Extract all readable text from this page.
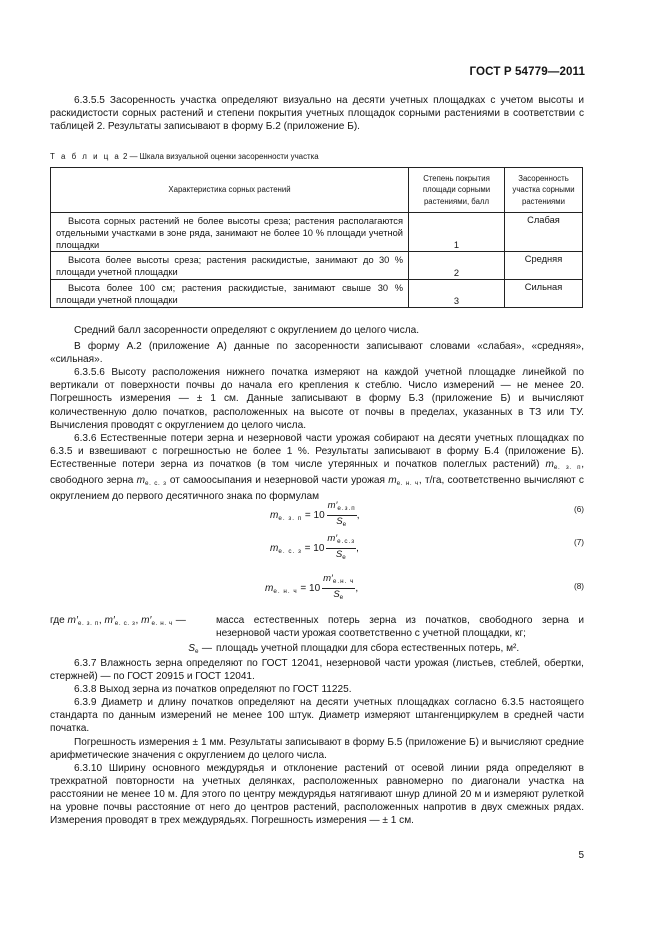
ГОСТ Р 54779—2011

6.3.5.5 Засоренность участка определяют визуально на десяти учетных площадках с учетом высоты и раскидистости сорных растений и степени покрытия учетных площадок сорными растениями в соответствии с таблицей 2. Результаты записывают в форму Б.2 (приложение Б).

Т а б л и ц а 2 — Шкала визуальной оценки засоренности участка
Характеристика сорных растений	Степень покрытия площади сорными растениями, балл	Засоренность участка сорными растениями
Высота сорных растений не более высоты среза; растения располагаются отдельными участками в зоне ряда, занимают не более 10 % площади учетной площадки	1	Слабая
Высота более высоты среза; растения раскидистые, занимают до 30 % площади учетной площадки	2	Средняя
Высота более 100 см; растения раскидистые, занимают свыше 30 % площади учетной площадки	3	Сильная

Средний балл засоренности определяют с округлением до целого числа.

В форму А.2 (приложение А) данные по засоренности записывают словами «слабая», «средняя», «сильная».

6.3.5.6 Высоту расположения нижнего початка измеряют на каждой учетной площадке линейкой по вертикали от поверхности почвы до начала его крепления к стеблю. Число измерений — не менее 20. Погрешность измерения — ± 1 см. Данные записывают в форму Б.3 (приложение Б) и вычисляют количественную долю початков, расположенных на высоте от почвы в пределах, указанных в ТЗ или ТУ. Вычисления проводят с округлением до целого числа.

6.3.6 Естественные потери зерна и незерновой части урожая собирают на десяти учетных площадках по 6.3.5 и взвешивают с погрешностью не более 1 %. Результаты записывают в форму Б.4 (приложение Б). Естественные потери зерна из початков (в том числе утерянных и початков полеглых растений) mе. з. п, свободного зерна mе. с. з от самоосыпания и незерновой части урожая mе. н. ч, т/га, соответственно вычисляют с округлением до первого десятичного знака по формулам

$m_{е. з. п} = 10 \frac{m'_{е.з.п}}{S_е}$ ,
(6)
$m_{е. с. з} = 10 \frac{m'_{е.с.з}}{S_е}$ ,
(7)
$m_{е. н. ч} = 10 \frac{m'_{е.н. ч}}{S_е}$ ,	(8)
где $m'_{е. з. п}$, $m'_{е. с. з}$, $m'_{е. н. ч}$ —	масса естественных потерь зерна из початков, свободного зерна и незерновой части урожая соответственно с учетной площадки, кг;
$S_е$ — площадь учетной площадки для сбора естественных потерь, м².

6.3.7 Влажность зерна определяют по ГОСТ 12041, незерновой части урожая (листьев, стеблей, обертки, стержней) — по ГОСТ 20915 и ГОСТ 12041.

6.3.8 Выход зерна из початков определяют по ГОСТ 11225.

6.3.9 Диаметр и длину початков определяют на десяти учетных площадках согласно 6.3.5 настоящего стандарта по данным измерений не менее 100 штук. Диаметр измеряют штангенциркулем в средней части початка.

Погрешность измерения ± 1 мм. Результаты записывают в форму Б.5 (приложение Б) и вычисляют средние арифметические значения с округлением до целого числа.

6.3.10 Ширину основного междурядья и отклонение растений от осевой линии ряда определяют в трехкратной повторности на учетных делянках, расположенных равномерно по диагонали участка на расстоянии не менее 10 м. Для этого по центру междурядья натягивают шнур длиной 20 м и измеряют рулеткой на уровне почвы расстояние от него до центров растений, расположенных напротив в двух смежных рядах. Измерения проводят в трех междурядьях. Погрешность измерения — ± 1 см.

5
